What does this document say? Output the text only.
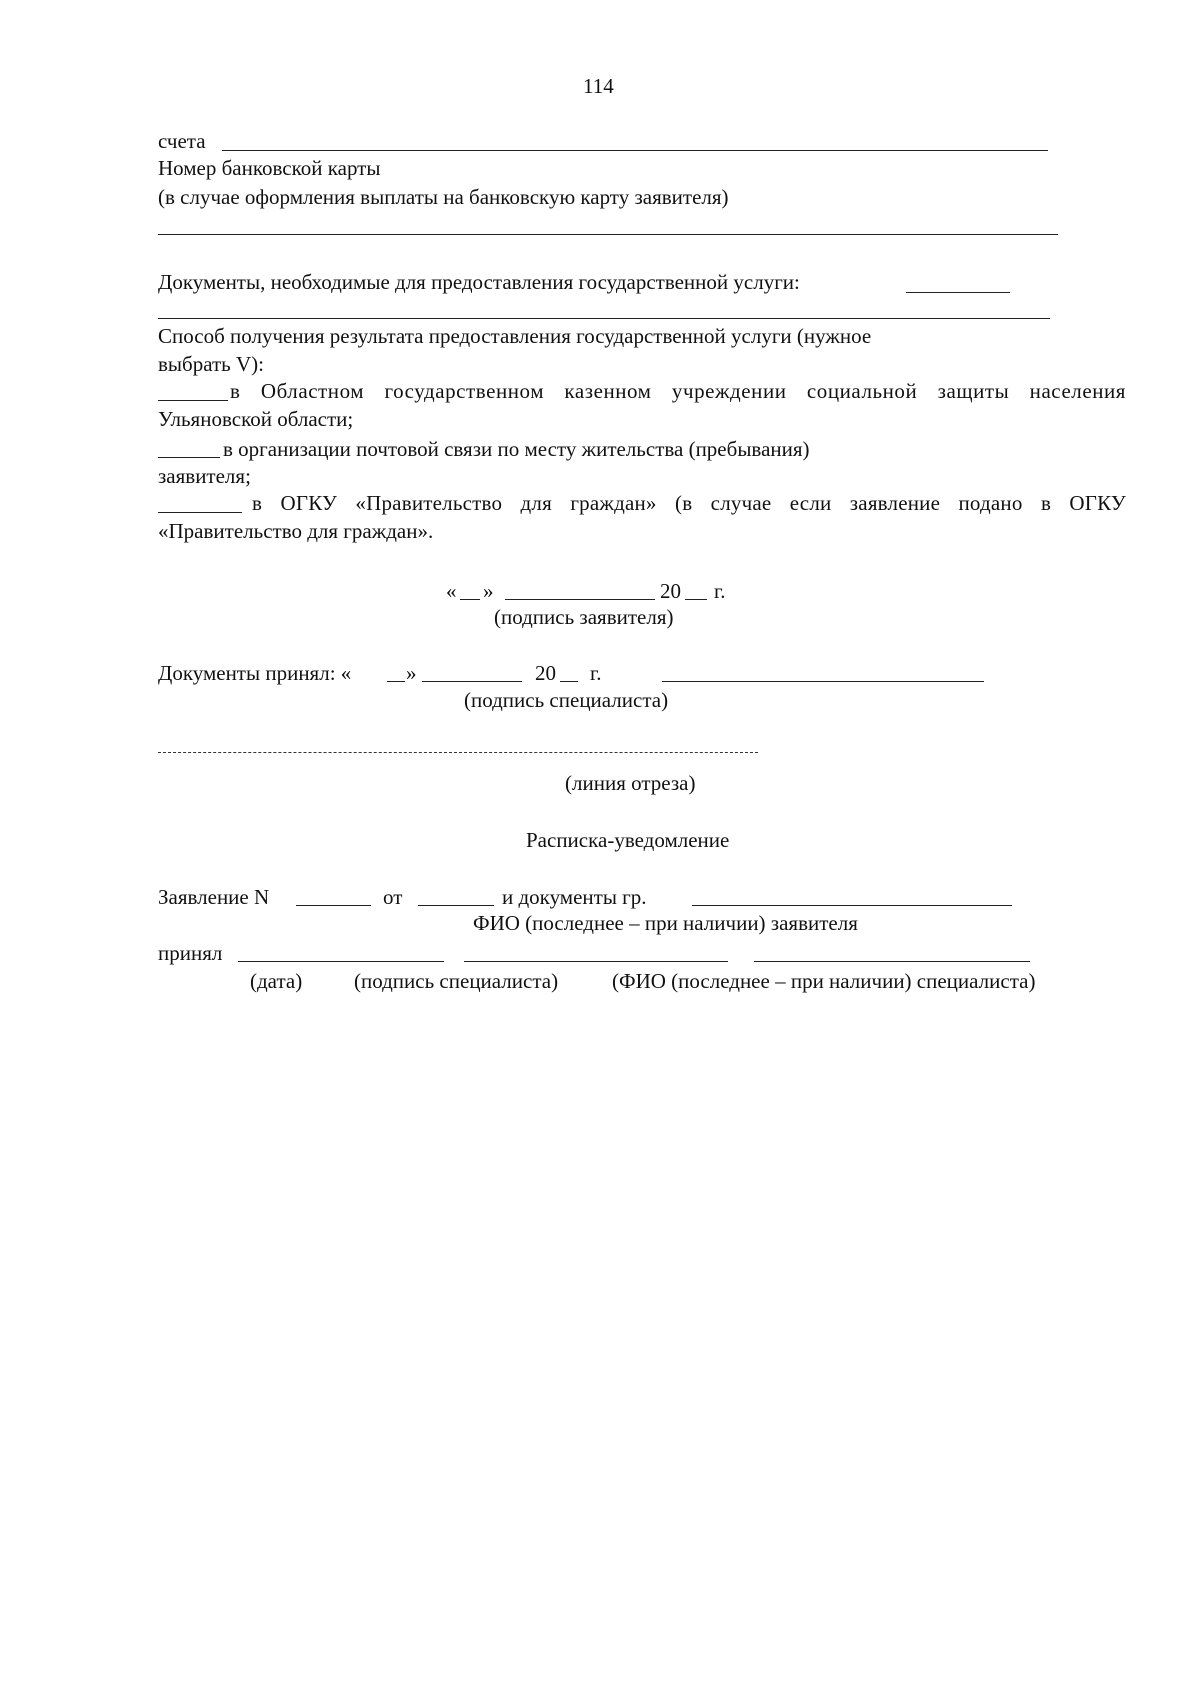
114
счета
Номер банковской карты
(в случае оформления выплаты на банковскую карту заявителя)
Документы, необходимые для предоставления государственной услуги:
Способ получения результата предоставления государственной услуги (нужное
выбрать V):
в Областном государственном казенном учреждении социальной защиты населения
Ульяновской области;
в организации почтовой связи по месту жительства (пребывания)
заявителя;
в ОГКУ «Правительство для граждан» (в случае если заявление подано в ОГКУ
«Правительство для граждан».
« »	20 г.
(подпись заявителя)
Документы принял: «	»	20 г.
(подпись специалиста)
(линия отреза)
Расписка-уведомление
Заявление N	от	и документы гр.
ФИО (последнее – при наличии) заявителя
принял
(дата) (подпись специалиста)	(ФИО (последнее – при наличии) специалиста)
